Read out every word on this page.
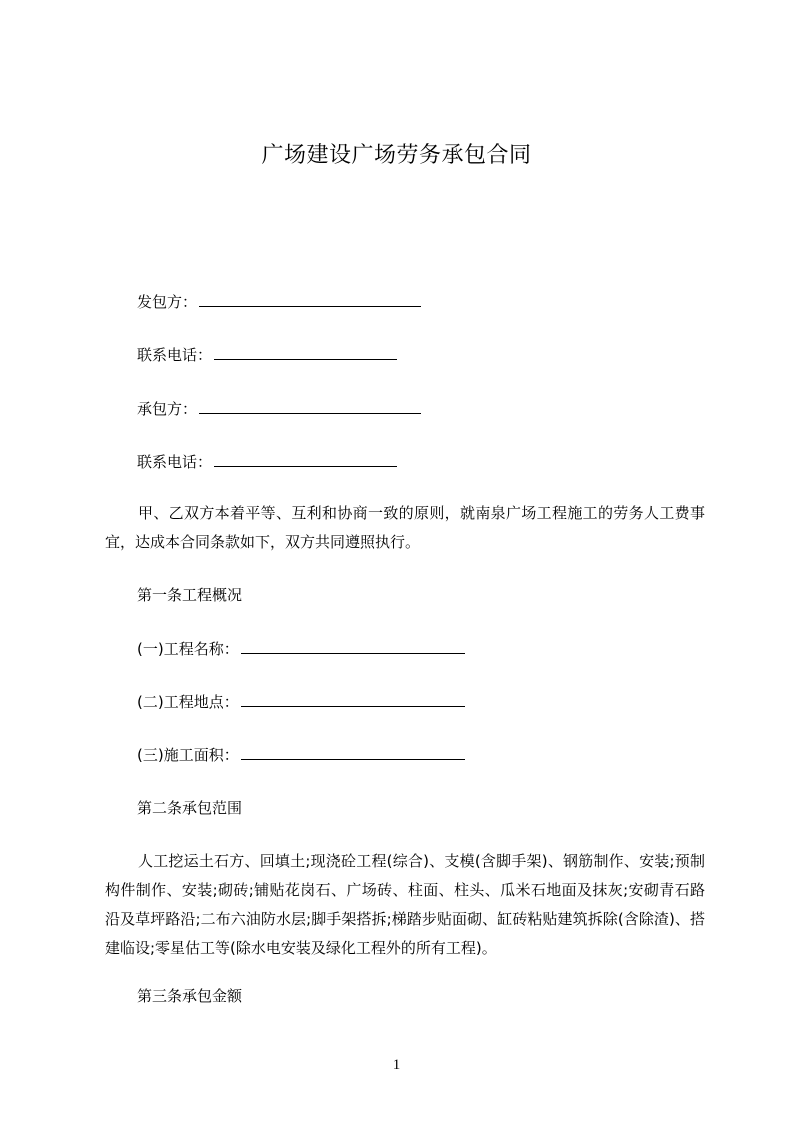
广场建设广场劳务承包合同
发包方：
联系电话：
承包方：
联系电话：
甲、乙双方本着平等、互利和协商一致的原则，就南泉广场工程施工的劳务人工费事宜，达成本合同条款如下，双方共同遵照执行。
第一条工程概况
(一)工程名称：
(二)工程地点：
(三)施工面积：
第二条承包范围
人工挖运土石方、回填土;现浇砼工程(综合)、支模(含脚手架)、钢筋制作、安装;预制构件制作、安装;砌砖;铺贴花岗石、广场砖、柱面、柱头、瓜米石地面及抹灰;安砌青石路沿及草坪路沿;二布六油防水层;脚手架搭拆;梯踏步贴面砌、缸砖粘贴建筑拆除(含除渣)、搭建临设;零星估工等(除水电安装及绿化工程外的所有工程)。
第三条承包金额
1
